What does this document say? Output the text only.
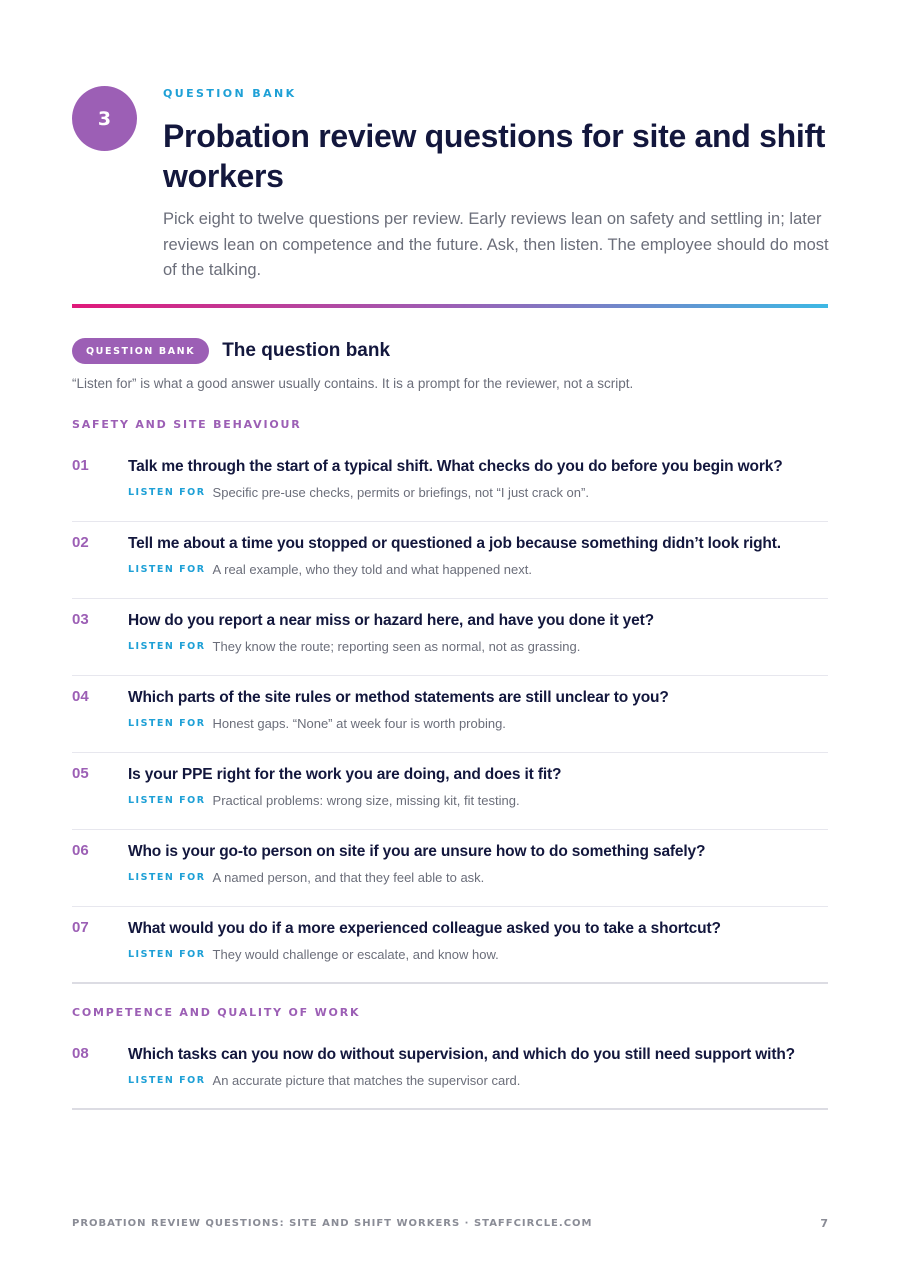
3
QUESTION BANK
Probation review questions for site and shift workers

Pick eight to twelve questions per review. Early reviews lean on safety and settling in; later reviews lean on competence and the future. Ask, then listen. The employee should do most of the talking.

QUESTION BANK	The question bank

“Listen for” is what a good answer usually contains. It is a prompt for the reviewer, not a script.

SAFETY AND SITE BEHAVIOUR
01	Talk me through the start of a typical shift. What checks do you do before you begin work?
LISTEN FOR Specific pre-use checks, permits or briefings, not “I just crack on”.
02	Tell me about a time you stopped or questioned a job because something didn’t look right.
LISTEN FOR A real example, who they told and what happened next.
03	How do you report a near miss or hazard here, and have you done it yet?
LISTEN FOR They know the route; reporting seen as normal, not as grassing.
04	Which parts of the site rules or method statements are still unclear to you?
LISTEN FOR Honest gaps. “None” at week four is worth probing.
05	Is your PPE right for the work you are doing, and does it fit?
LISTEN FOR Practical problems: wrong size, missing kit, fit testing.
06	Who is your go-to person on site if you are unsure how to do something safely?
LISTEN FOR A named person, and that they feel able to ask.
07	What would you do if a more experienced colleague asked you to take a shortcut?
LISTEN FOR They would challenge or escalate, and know how.
COMPETENCE AND QUALITY OF WORK
08	Which tasks can you now do without supervision, and which do you still need support with?
LISTEN FOR An accurate picture that matches the supervisor card.
PROBATION REVIEW QUESTIONS: SITE AND SHIFT WORKERS · STAFFCIRCLE.COM	7
